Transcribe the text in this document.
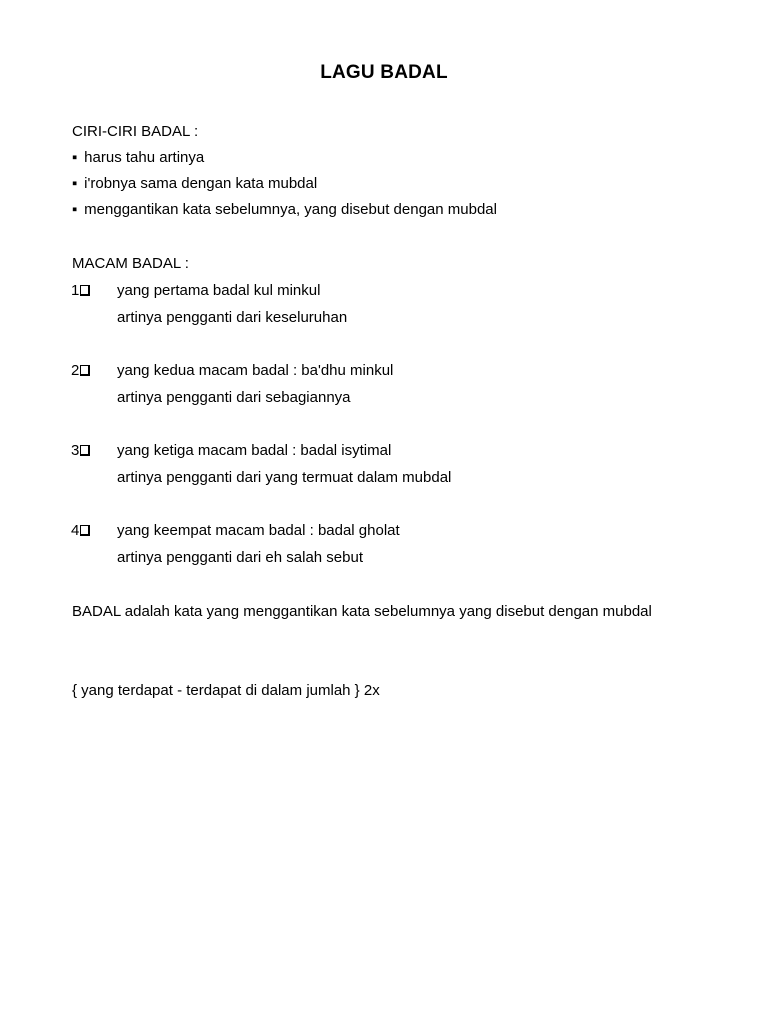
LAGU BADAL
CIRI-CIRI BADAL :
▪ harus tahu artinya
▪ i'robnya sama dengan kata mubdal
▪ menggantikan kata sebelumnya, yang disebut dengan mubdal
MACAM BADAL :
1	yang pertama badal kul minkul
artinya pengganti dari keseluruhan
2	yang kedua macam badal : ba'dhu minkul
artinya pengganti dari sebagiannya
3	yang ketiga macam badal : badal isytimal
artinya pengganti dari yang termuat dalam mubdal
4	yang keempat macam badal : badal gholat
artinya pengganti dari eh salah sebut
BADAL adalah kata yang menggantikan kata sebelumnya yang disebut dengan mubdal
{ yang terdapat - terdapat di dalam jumlah } 2x
